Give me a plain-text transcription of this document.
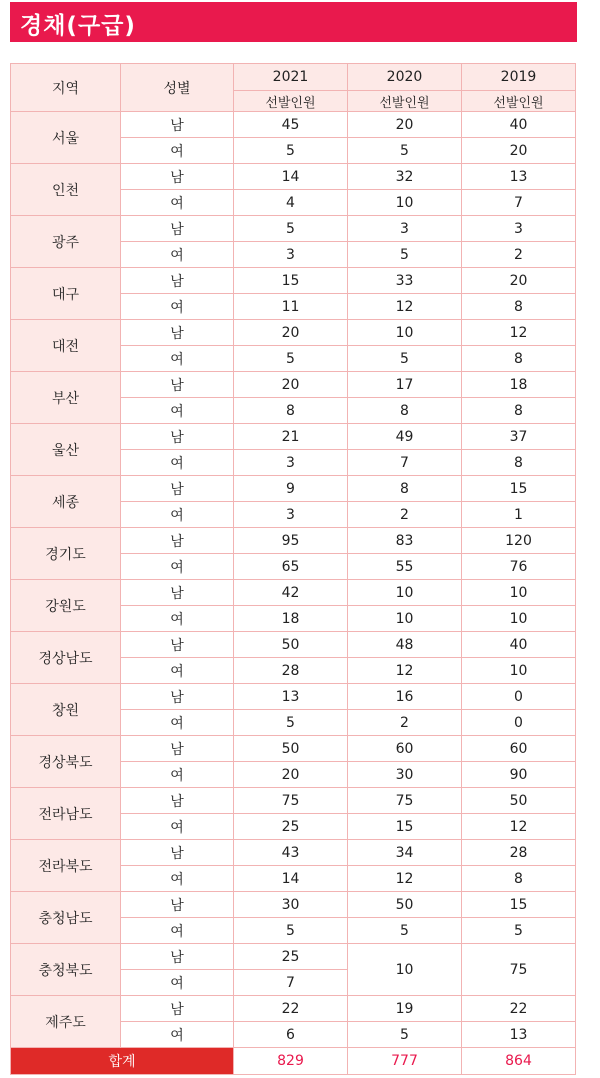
경채(구급)
지역	성별	2021	2020	2019
		선발인원	선발인원	선발인원
서울	남	45	20	40
	여	5	5	20
인천	남	14	32	13
	여	4	10	7
광주	남	5	3	3
	여	3	5	2
대구	남	15	33	20
	여	11	12	8
대전	남	20	10	12
	여	5	5	8
부산	남	20	17	18
	여	8	8	8
울산	남	21	49	37
	여	3	7	8
세종	남	9	8	15
	여	3	2	1
경기도	남	95	83	120
	여	65	55	76
강원도	남	42	10	10
	여	18	10	10
경상남도	남	50	48	40
	여	28	12	10
창원	남	13	16	0
	여	5	2	0
경상북도	남	50	60	60
	여	20	30	90
전라남도	남	75	75	50
	여	25	15	12
전라북도	남	43	34	28
	여	14	12	8
충청남도	남	30	50	15
	여	5	5	5
충청북도	남	25	10	75
	여	7		
제주도	남	22	19	22
	여	6	5	13
합계		829	777	864
